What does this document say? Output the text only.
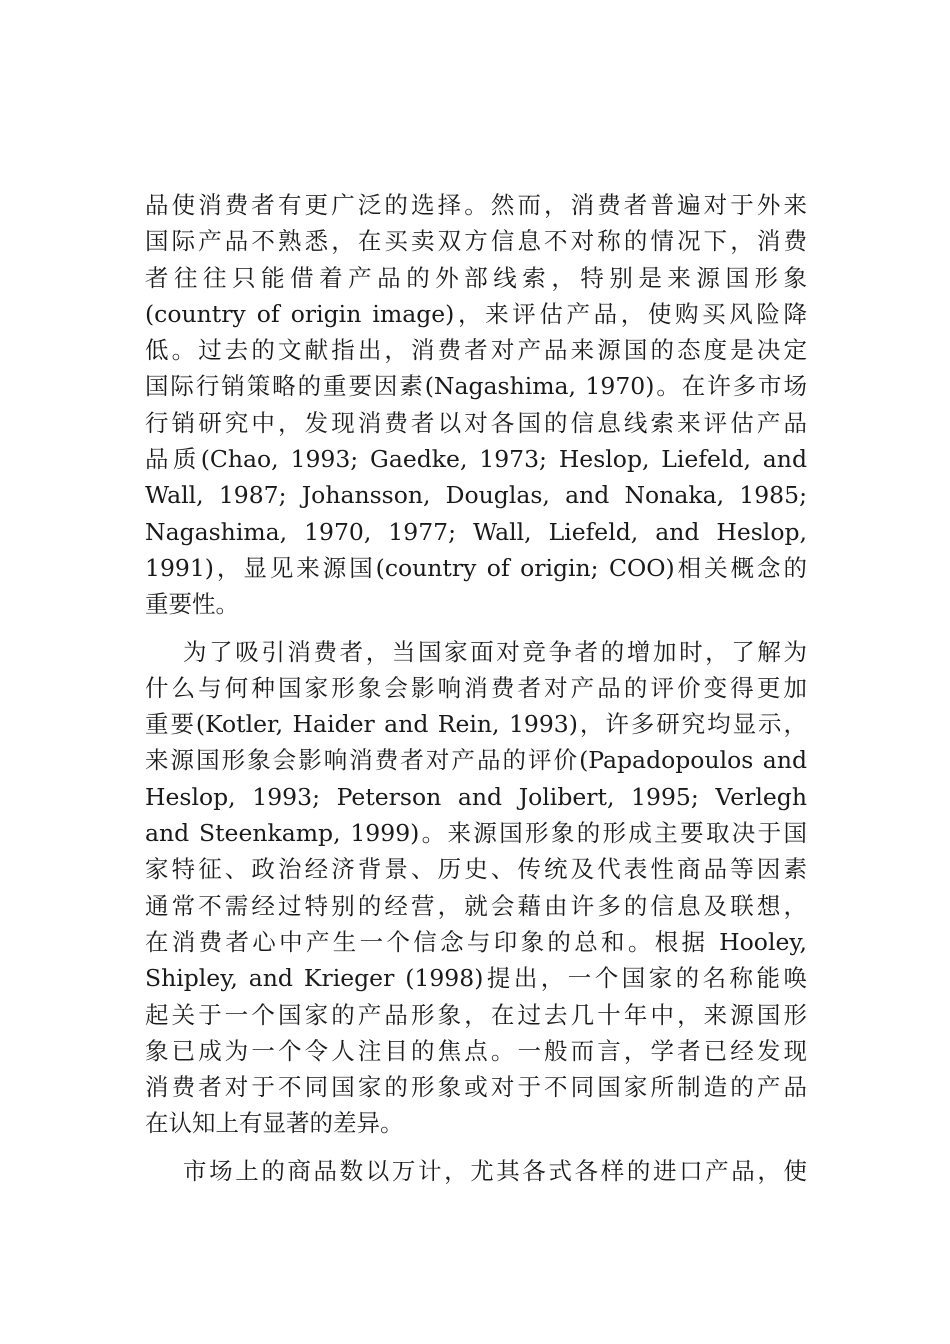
品使消费者有更广泛的选择。然而，消费者普遍对于外来
国际产品不熟悉，在买卖双方信息不对称的情况下，消费
者往往只能借着产品的外部线索，特别是来源国形象
(country of origin image)，来评估产品，使购买风险降
低。过去的文献指出，消费者对产品来源国的态度是决定
国际行销策略的重要因素(Nagashima, 1970)。在许多市场
行销研究中，发现消费者以对各国的信息线索来评估产品
品质(Chao, 1993; Gaedke, 1973; Heslop, Liefeld, and
Wall, 1987; Johansson, Douglas, and Nonaka, 1985;
Nagashima, 1970, 1977; Wall, Liefeld, and Heslop,
1991)，显见来源国(country of origin; COO)相关概念的
重要性。
为了吸引消费者，当国家面对竞争者的增加时，了解为
什么与何种国家形象会影响消费者对产品的评价变得更加
重要(Kotler, Haider and Rein, 1993)，许多研究均显示，
来源国形象会影响消费者对产品的评价(Papadopoulos and
Heslop, 1993; Peterson and Jolibert, 1995; Verlegh
and Steenkamp, 1999)。来源国形象的形成主要取决于国
家特征、政治经济背景、历史、传统及代表性商品等因素
通常不需经过特别的经营，就会藉由许多的信息及联想，
在消费者心中产生一个信念与印象的总和。根据 Hooley,
Shipley, and Krieger (1998)提出，一个国家的名称能唤
起关于一个国家的产品形象，在过去几十年中，来源国形
象已成为一个令人注目的焦点。一般而言，学者已经发现
消费者对于不同国家的形象或对于不同国家所制造的产品
在认知上有显著的差异。
市场上的商品数以万计，尤其各式各样的进口产品，使
